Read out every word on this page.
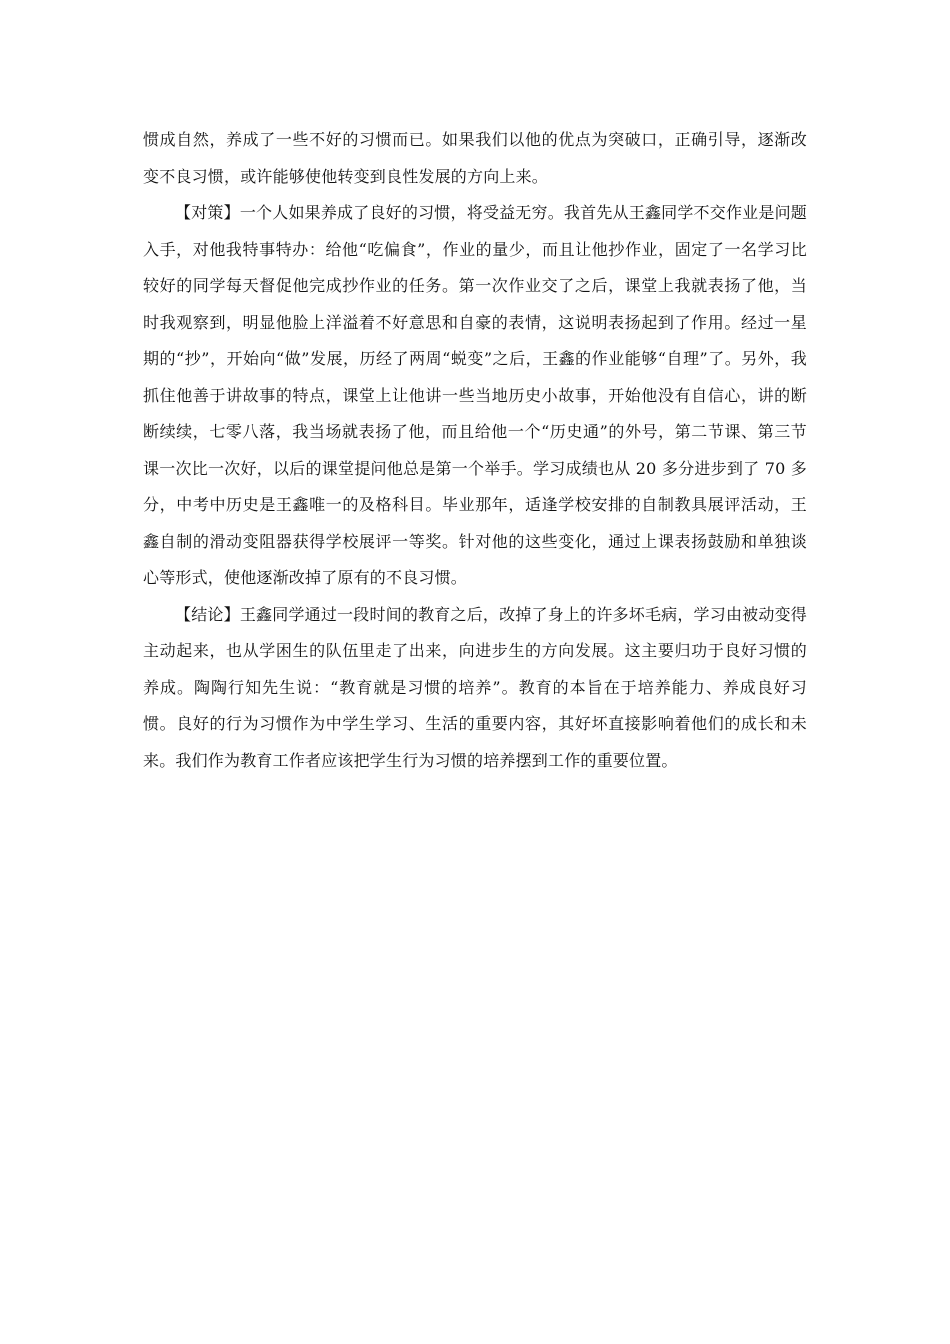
惯成自然，养成了一些不好的习惯而已。如果我们以他的优点为突破口，正确引导，逐渐改变不良习惯，或许能够使他转变到良性发展的方向上来。

【对策】一个人如果养成了良好的习惯，将受益无穷。我首先从王鑫同学不交作业是问题入手，对他我特事特办：给他“吃偏食”，作业的量少，而且让他抄作业，固定了一名学习比较好的同学每天督促他完成抄作业的任务。第一次作业交了之后，课堂上我就表扬了他，当时我观察到，明显他脸上洋溢着不好意思和自豪的表情，这说明表扬起到了作用。经过一星期的“抄”，开始向“做”发展，历经了两周“蜕变”之后，王鑫的作业能够“自理”了。另外，我抓住他善于讲故事的特点，课堂上让他讲一些当地历史小故事，开始他没有自信心，讲的断断续续，七零八落，我当场就表扬了他，而且给他一个“历史通”的外号，第二节课、第三节课一次比一次好，以后的课堂提问他总是第一个举手。学习成绩也从 20 多分进步到了 70 多分，中考中历史是王鑫唯一的及格科目。毕业那年，适逢学校安排的自制教具展评活动，王鑫自制的滑动变阻器获得学校展评一等奖。针对他的这些变化，通过上课表扬鼓励和单独谈心等形式，使他逐渐改掉了原有的不良习惯。

【结论】王鑫同学通过一段时间的教育之后，改掉了身上的许多坏毛病，学习由被动变得主动起来，也从学困生的队伍里走了出来，向进步生的方向发展。这主要归功于良好习惯的养成。陶陶行知先生说：“教育就是习惯的培养”。教育的本旨在于培养能力、养成良好习惯。良好的行为习惯作为中学生学习、生活的重要内容，其好坏直接影响着他们的成长和未来。我们作为教育工作者应该把学生行为习惯的培养摆到工作的重要位置。
